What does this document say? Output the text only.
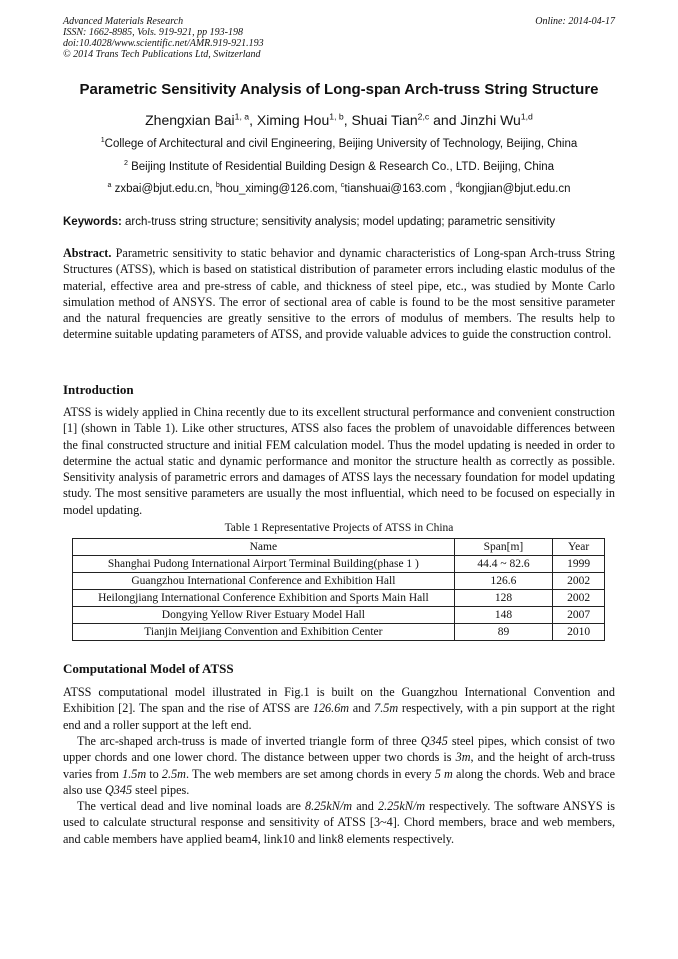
Advanced Materials Research
ISSN: 1662-8985, Vols. 919-921, pp 193-198
doi:10.4028/www.scientific.net/AMR.919-921.193
© 2014 Trans Tech Publications Ltd, Switzerland
Online: 2014-04-17
Parametric Sensitivity Analysis of Long-span Arch-truss String Structure
Zhengxian Bai$^{1, a}$, Ximing Hou$^{1, b}$, Shuai Tian$^{2,c}$ and Jinzhi Wu$^{1,d}$
$^1$College of Architectural and civil Engineering, Beijing University of Technology, Beijing, China
$^2$ Beijing Institute of Residential Building Design & Research Co., LTD. Beijing, China
$^a$ zxbai@bjut.edu.cn, $^b$hou_ximing@126.com, $^c$tianshuai@163.com , $^d$kongjian@bjut.edu.cn
Keywords: arch-truss string structure; sensitivity analysis; model updating; parametric sensitivity
Abstract. Parametric sensitivity to static behavior and dynamic characteristics of Long-span Arch-truss String Structures (ATSS), which is based on statistical distribution of parameter errors including elastic modulus of the material, effective area and pre-stress of cable, and thickness of steel pipe, etc., was studied by Monte Carlo simulation method of ANSYS. The error of sectional area of cable is found to be the most sensitive parameter and the natural frequencies are greatly sensitive to the errors of modulus of members. The results help to determine suitable updating parameters of ATSS, and provide valuable advices to guide the construction control.
Introduction
ATSS is widely applied in China recently due to its excellent structural performance and convenient construction [1] (shown in Table 1). Like other structures, ATSS also faces the problem of unavoidable differences between the final constructed structure and initial FEM calculation model. Thus the model updating is needed in order to determine the actual static and dynamic performance and monitor the structure health as correctly as possible. Sensitivity analysis of parametric errors and damages of ATSS lays the necessary foundation for model updating study. The most sensitive parameters are usually the most influential, which need to be focused on especially in model updating.
Table 1 Representative Projects of ATSS in China
Name	Span[m]	Year
Shanghai Pudong International Airport Terminal Building(phase 1 )	44.4 ~ 82.6	1999
Guangzhou International Conference and Exhibition Hall	126.6	2002
Heilongjiang International Conference Exhibition and Sports Main Hall	128	2002
Dongying Yellow River Estuary Model Hall	148	2007
Tianjin Meijiang Convention and Exhibition Center	89	2010
Computational Model of ATSS
ATSS computational model illustrated in Fig.1 is built on the Guangzhou International Convention and Exhibition [2]. The span and the rise of ATSS are 126.6m and 7.5m respectively, with a pin support at the right end and a roller support at the left end.
The arc-shaped arch-truss is made of inverted triangle form of three Q345 steel pipes, which consist of two upper chords and one lower chord. The distance between upper two chords is 3m, and the height of arch-truss varies from 1.5m to 2.5m. The web members are set among chords in every 5 m along the chords. Web and brace also use Q345 steel pipes.
The vertical dead and live nominal loads are 8.25kN/m and 2.25kN/m respectively. The software ANSYS is used to calculate structural response and sensitivity of ATSS [3~4]. Chord members, brace and web members, and cable members have applied beam4, link10 and link8 elements respectively.
